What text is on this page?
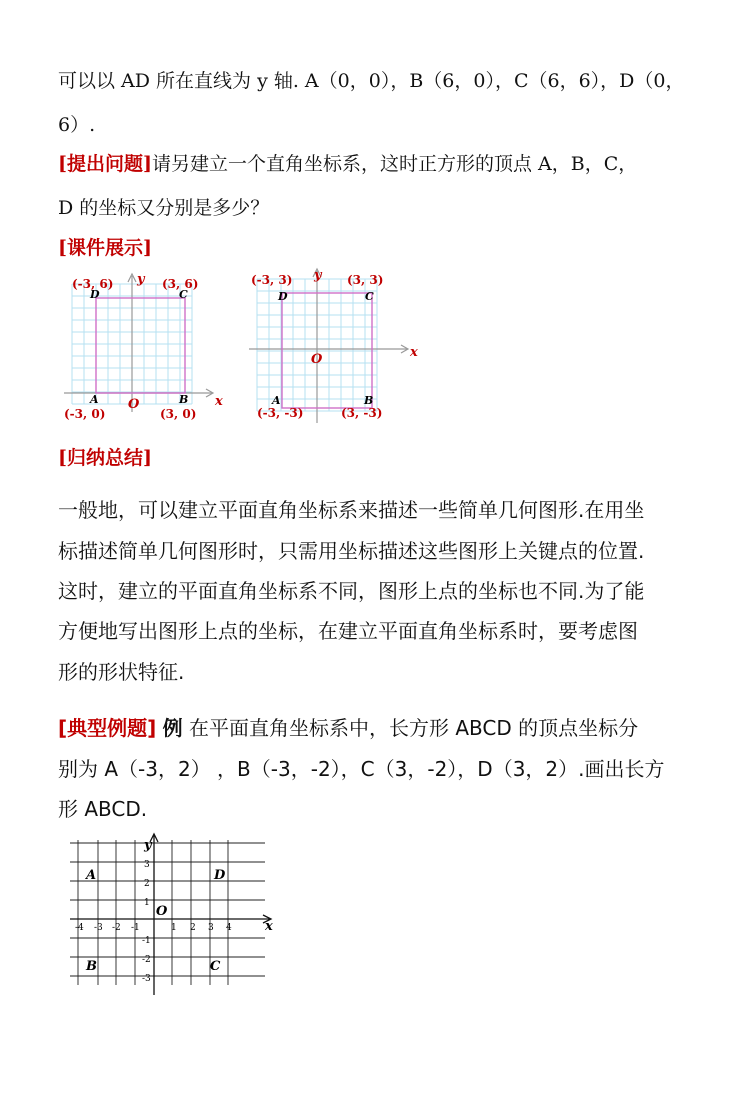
可以以 AD 所在直线为 y 轴. A（0，0），B（6，0），C（6，6），D（0，
6）.
[提出问题]请另建立一个直角坐标系，这时正方形的顶点 A，B，C，
D 的坐标又分别是多少？
[课件展示]
y
x
O
D	C
A	B
(-3, 6)	(3, 6)
(-3, 0)	(3, 0)
y
x
O
D	C
A	B
(-3, 3)	(3, 3)
(-3, -3)	(3, -3)
[归纳总结]
一般地，可以建立平面直角坐标系来描述一些简单几何图形.在用坐
标描述简单几何图形时，只需用坐标描述这些图形上关键点的位置.
这时，建立的平面直角坐标系不同，图形上点的坐标也不同.为了能
方便地写出图形上点的坐标，在建立平面直角坐标系时，要考虑图
形的形状特征.
[典型例题] 例 在平面直角坐标系中，长方形 ABCD 的顶点坐标分
别为 A（-3，2） ，B（-3，-2），C（3，-2），D（3，2）.画出长方
形 ABCD.
y
x
O
A	D
B	C
-4 -3 -2 -1	1 2 3 4
3
2
1
-1
-2
-3
